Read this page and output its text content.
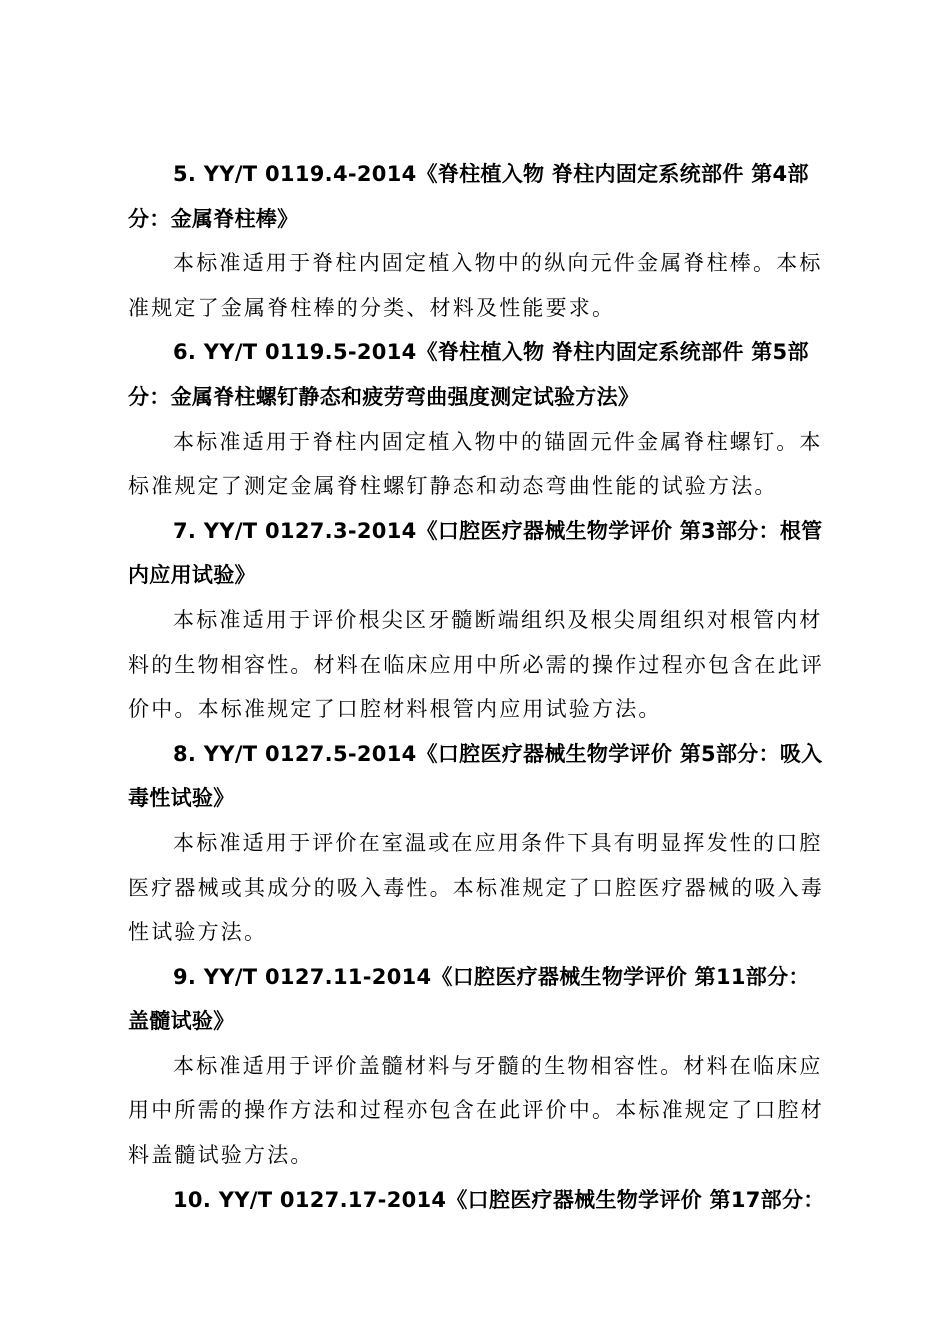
5. YY/T 0119.4-2014《脊柱植入物 脊柱内固定系统部件 第4部分：金属脊柱棒》

本标准适用于脊柱内固定植入物中的纵向元件金属脊柱棒。本标准规定了金属脊柱棒的分类、材料及性能要求。

6. YY/T 0119.5-2014《脊柱植入物 脊柱内固定系统部件 第5部分：金属脊柱螺钉静态和疲劳弯曲强度测定试验方法》

本标准适用于脊柱内固定植入物中的锚固元件金属脊柱螺钉。本标准规定了测定金属脊柱螺钉静态和动态弯曲性能的试验方法。

7. YY/T 0127.3-2014《口腔医疗器械生物学评价 第3部分：根管内应用试验》

本标准适用于评价根尖区牙髓断端组织及根尖周组织对根管内材料的生物相容性。材料在临床应用中所必需的操作过程亦包含在此评价中。本标准规定了口腔材料根管内应用试验方法。

8. YY/T 0127.5-2014《口腔医疗器械生物学评价 第5部分：吸入毒性试验》

本标准适用于评价在室温或在应用条件下具有明显挥发性的口腔医疗器械或其成分的吸入毒性。本标准规定了口腔医疗器械的吸入毒性试验方法。

9. YY/T 0127.11-2014《口腔医疗器械生物学评价 第11部分：盖髓试验》

本标准适用于评价盖髓材料与牙髓的生物相容性。材料在临床应用中所需的操作方法和过程亦包含在此评价中。本标准规定了口腔材料盖髓试验方法。

10. YY/T 0127.17-2014《口腔医疗器械生物学评价 第17部分：
